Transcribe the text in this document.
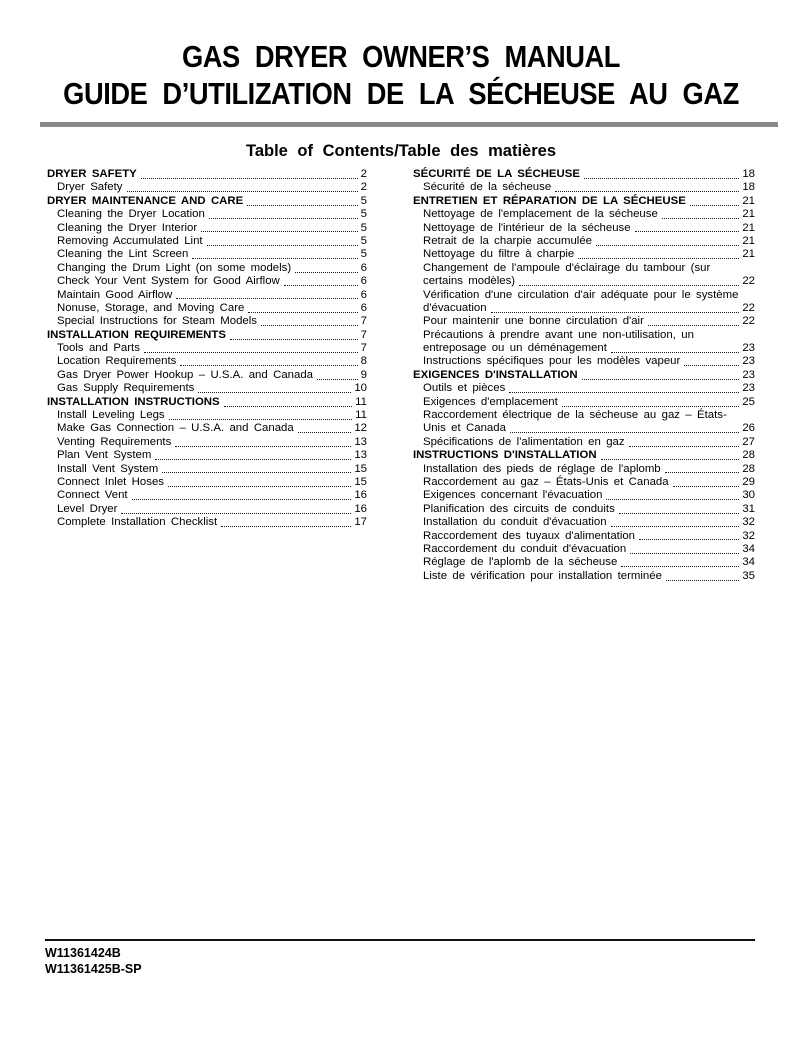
GAS DRYER OWNER’S MANUAL
GUIDE D’UTILIZATION DE LA SÉCHEUSE AU GAZ
Table of Contents/Table des matières
DRYER SAFETY	2
Dryer Safety	2
DRYER MAINTENANCE AND CARE	5
Cleaning the Dryer Location	5
Cleaning the Dryer Interior	5
Removing Accumulated Lint	5
Cleaning the Lint Screen	5
Changing the Drum Light (on some models)	6
Check Your Vent System for Good Airflow	6
Maintain Good Airflow	6
Nonuse, Storage, and Moving Care	6
Special Instructions for Steam Models	7
INSTALLATION REQUIREMENTS	7
Tools and Parts	7
Location Requirements	8
Gas Dryer Power Hookup – U.S.A. and Canada	9
Gas Supply Requirements	10
INSTALLATION INSTRUCTIONS	11
Install Leveling Legs	11
Make Gas Connection – U.S.A. and Canada	12
Venting Requirements	13
Plan Vent System	13
Install Vent System	15
Connect Inlet Hoses	15
Connect Vent	16
Level Dryer	16
Complete Installation Checklist	17
SÉCURITÉ DE LA SÉCHEUSE	18
Sécurité de la sécheuse	18
ENTRETIEN ET RÉPARATION DE LA SÉCHEUSE	21
Nettoyage de l'emplacement de la sécheuse	21
Nettoyage de l'intérieur de la sécheuse	21
Retrait de la charpie accumulée	21
Nettoyage du filtre à charpie	21
Changement de l'ampoule d'éclairage du tambour (sur
certains modèles)	22
Vérification d'une circulation d'air adéquate pour le système
d'évacuation	22
Pour maintenir une bonne circulation d'air	22
Précautions à prendre avant une non-utilisation, un
entreposage ou un déménagement	23
Instructions spécifiques pour les modèles vapeur	23
EXIGENCES D'INSTALLATION	23
Outils et pièces	23
Exigences d'emplacement	25
Raccordement électrique de la sécheuse au gaz – États-
Unis et Canada	26
Spécifications de l'alimentation en gaz	27
INSTRUCTIONS D'INSTALLATION	28
Installation des pieds de réglage de l'aplomb	28
Raccordement au gaz – États-Unis et Canada	29
Exigences concernant l'évacuation	30
Planification des circuits de conduits	31
Installation du conduit d'évacuation	32
Raccordement des tuyaux d'alimentation	32
Raccordement du conduit d'évacuation	34
Réglage de l'aplomb de la sécheuse	34
Liste de vérification pour installation terminée	35
W11361424B
W11361425B-SP
